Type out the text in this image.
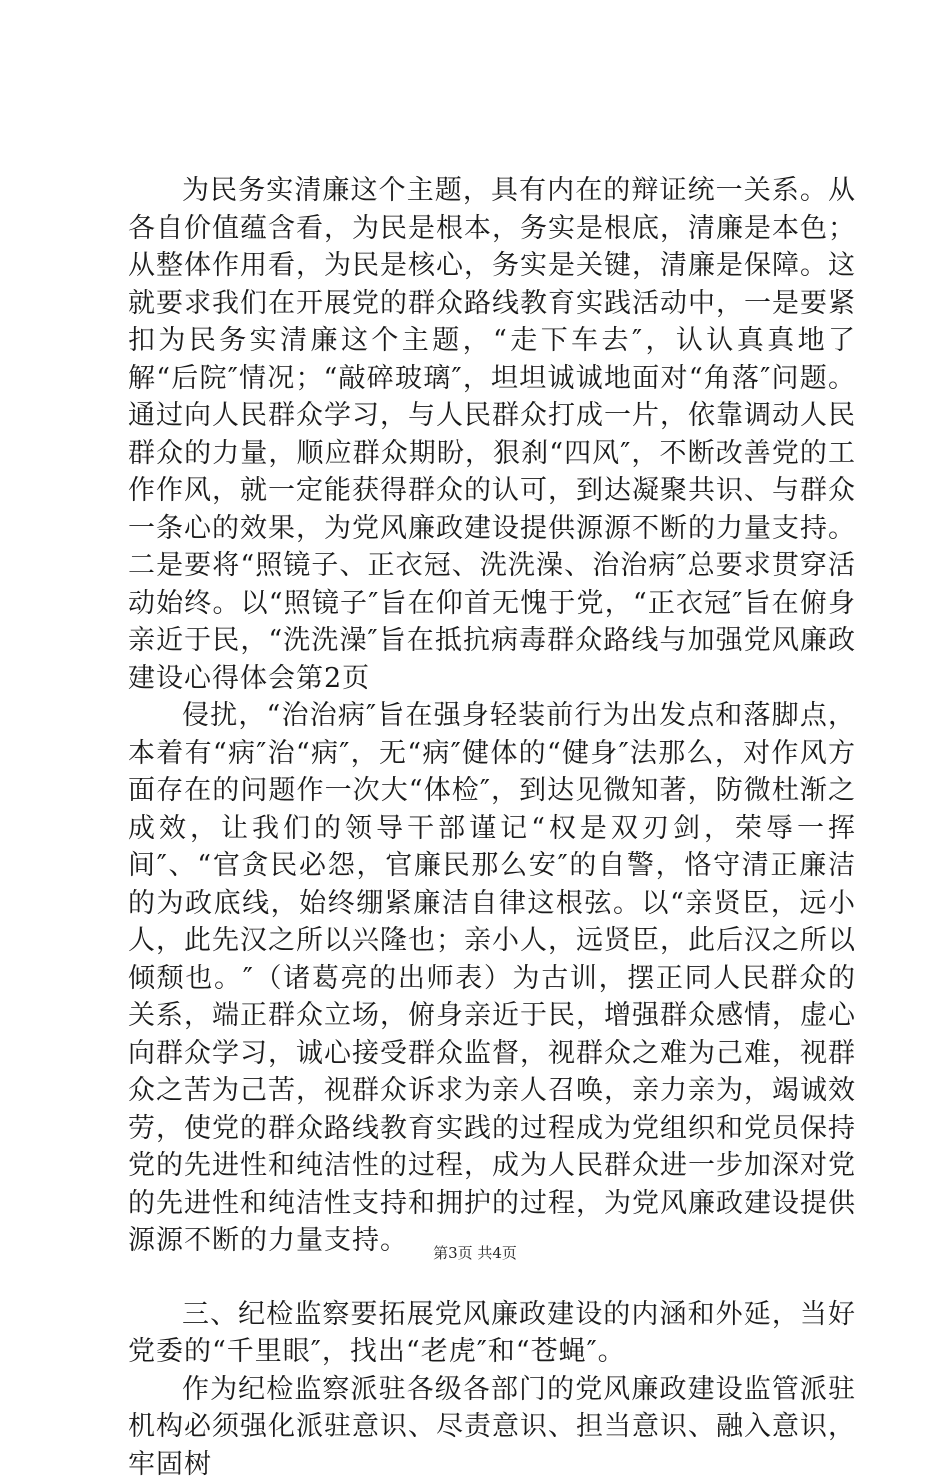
为民务实清廉这个主题，具有内在的辩证统一关系。从各自价值蕴含看，为民是根本，务实是根底，清廉是本色；从整体作用看，为民是核心，务实是关键，清廉是保障。这就要求我们在开展党的群众路线教育实践活动中，一是要紧扣为民务实清廉这个主题，“走下车去″，认认真真地了解“后院″情况；“敲碎玻璃″，坦坦诚诚地面对“角落″问题。通过向人民群众学习，与人民群众打成一片，依靠调动人民群众的力量，顺应群众期盼，狠刹“四风″，不断改善党的工作作风，就一定能获得群众的认可，到达凝聚共识、与群众一条心的效果，为党风廉政建设提供源源不断的力量支持。二是要将“照镜子、正衣冠、洗洗澡、治治病″总要求贯穿活动始终。以“照镜子″旨在仰首无愧于党，“正衣冠″旨在俯身亲近于民，“洗洗澡″旨在抵抗病毒群众路线与加强党风廉政建设心得体会第2页

侵扰，“治治病″旨在强身轻装前行为出发点和落脚点，本着有“病″治“病″，无“病″健体的“健身″法那么，对作风方面存在的问题作一次大“体检″，到达见微知著，防微杜渐之成效，让我们的领导干部谨记“权是双刃剑，荣辱一挥间″、“官贪民必怨，官廉民那么安″的自警，恪守清正廉洁的为政底线，始终绷紧廉洁自律这根弦。以“亲贤臣，远小人，此先汉之所以兴隆也；亲小人，远贤臣，此后汉之所以倾颓也。″（诸葛亮的出师表）为古训，摆正同人民群众的关系，端正群众立场，俯身亲近于民，增强群众感情，虚心向群众学习，诚心接受群众监督，视群众之难为己难，视群众之苦为己苦，视群众诉求为亲人召唤，亲力亲为，竭诚效劳，使党的群众路线教育实践的过程成为党组织和党员保持党的先进性和纯洁性的过程，成为人民群众进一步加深对党的先进性和纯洁性支持和拥护的过程，为党风廉政建设提供源源不断的力量支持。

三、纪检监察要拓展党风廉政建设的内涵和外延，当好党委的“千里眼″，找出“老虎″和“苍蝇″。

作为纪检监察派驻各级各部门的党风廉政建设监管派驻机构必须强化派驻意识、尽责意识、担当意识、融入意识，牢固树

第3页 共4页
